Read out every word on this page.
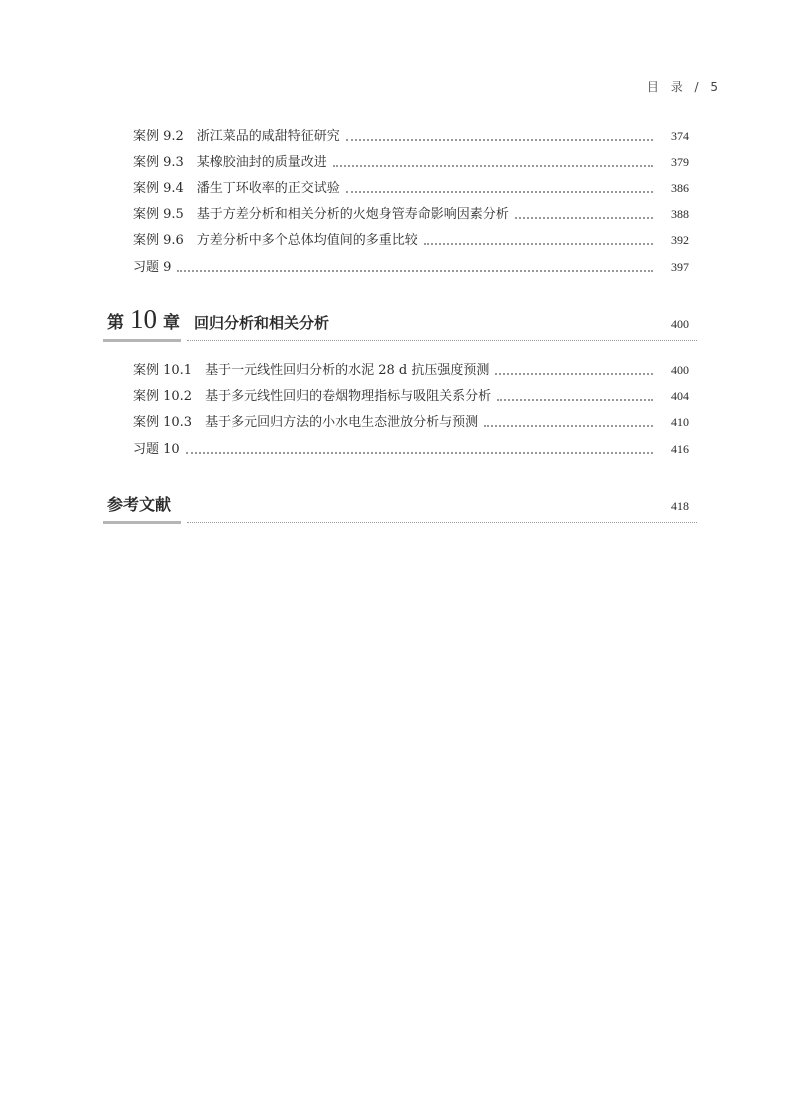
目 录 / 5
案例 9.2　浙江菜品的咸甜特征研究	374
案例 9.3　某橡胶油封的质量改进	379
案例 9.4　潘生丁环收率的正交试验	386
案例 9.5　基于方差分析和相关分析的火炮身管寿命影响因素分析	388
案例 9.6　方差分析中多个总体均值间的多重比较	392
习题 9	397
第 10 章 回归分析和相关分析	400
案例 10.1　基于一元线性回归分析的水泥 28 d 抗压强度预测	400
案例 10.2　基于多元线性回归的卷烟物理指标与吸阻关系分析	404
案例 10.3　基于多元回归方法的小水电生态泄放分析与预测	410
习题 10	416
参考文献	418
